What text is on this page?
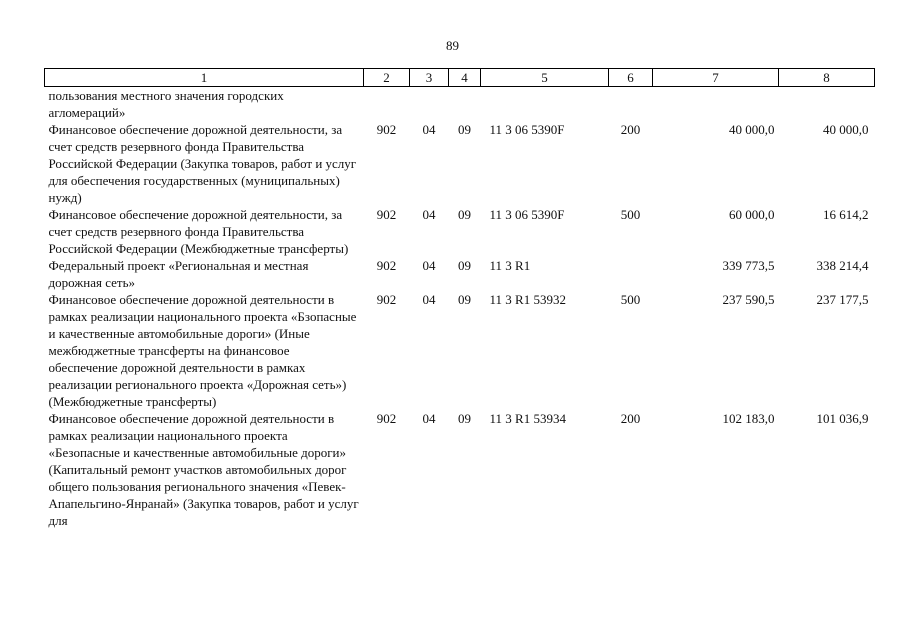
89
1	2	3	4	5	6	7	8
пользования местного значения городских агломераций»							
Финансовое обеспечение дорожной деятельности, за счет средств резервного фонда Правительства Российской Федерации (Закупка товаров, работ и услуг для обеспечения государственных (муниципальных) нужд)	902	04	09	11 3 06 5390F	200	40 000,0	40 000,0
Финансовое обеспечение дорожной деятельности, за счет средств резервного фонда Правительства Российской Федерации (Межбюджетные трансферты)	902	04	09	11 3 06 5390F	500	60 000,0	16 614,2
Федеральный проект «Региональная и местная дорожная сеть»	902	04	09	11 3 R1		339 773,5	338 214,4
Финансовое обеспечение дорожной деятельности в рамках реализации национального проекта «Бзопасные и качественные автомобильные дороги» (Иные межбюджетные трансферты на финансовое обеспечение дорожной деятельности в рамках реализации регионального проекта «Дорожная сеть») (Межбюджетные трансферты)	902	04	09	11 3 R1 53932	500	237 590,5	237 177,5
Финансовое обеспечение дорожной деятельности в рамках реализации национального проекта «Безопасные и качественные автомобильные дороги» (Капитальный ремонт участков автомобильных дорог общего пользования регионального значения «Певек-Апапельгино-Янранай» (Закупка товаров, работ и услуг для	902	04	09	11 3 R1 53934	200	102 183,0	101 036,9
